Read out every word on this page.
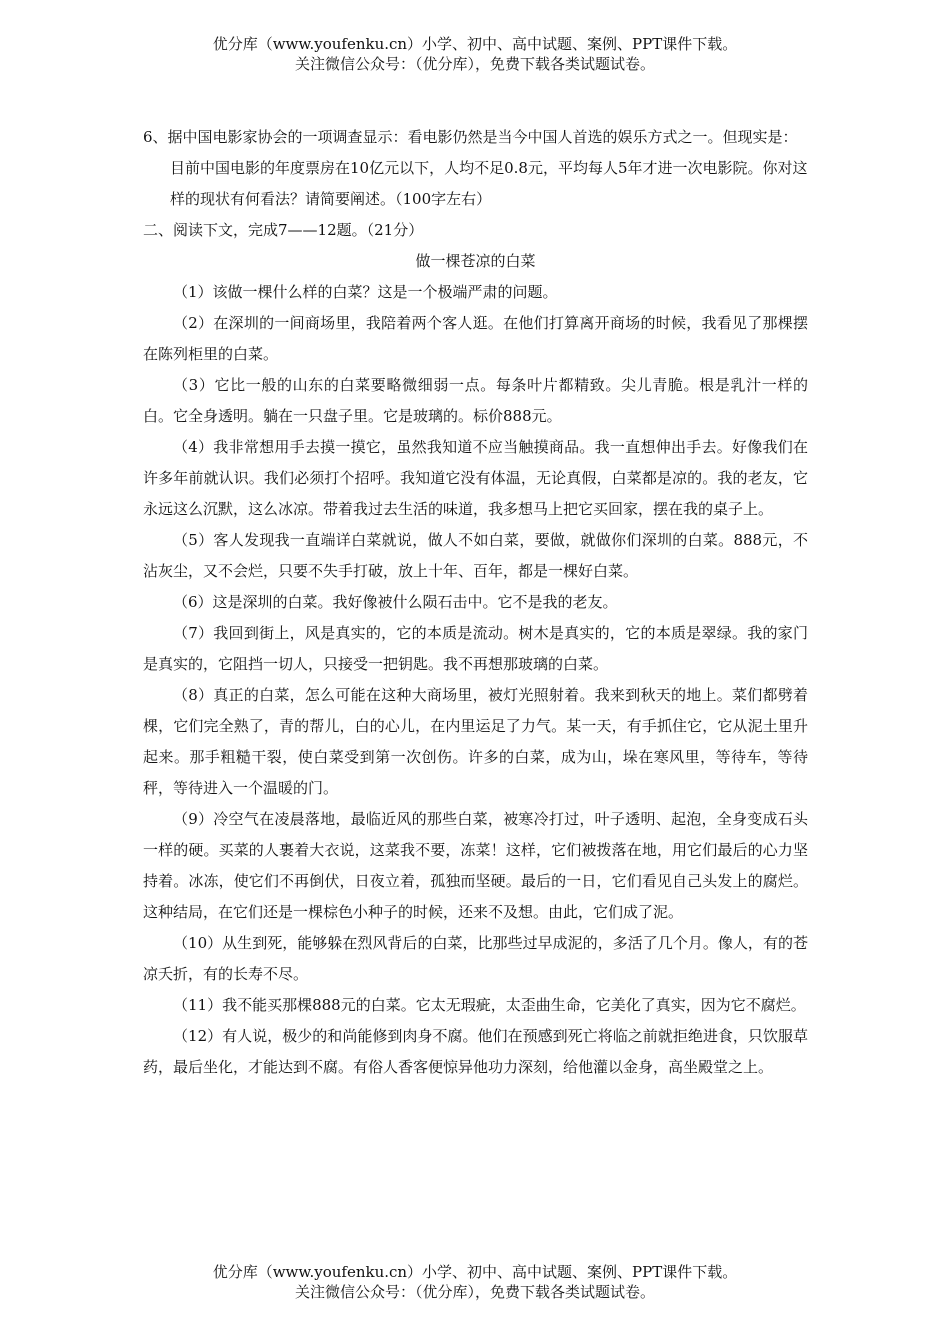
优分库（www.youfenku.cn）小学、初中、高中试题、案例、PPT课件下载。
关注微信公众号：（优分库），免费下载各类试题试卷。

6、据中国电影家协会的一项调查显示：看电影仍然是当今中国人首选的娱乐方式之一。但现实是：目前中国电影的年度票房在10亿元以下，人均不足0.8元，平均每人5年才进一次电影院。你对这样的现状有何看法？请简要阐述。（100字左右）

二、阅读下文，完成7——12题。（21分）

做一棵苍凉的白菜

（1）该做一棵什么样的白菜？这是一个极端严肃的问题。

（2）在深圳的一间商场里，我陪着两个客人逛。在他们打算离开商场的时候，我看见了那棵摆在陈列柜里的白菜。

（3）它比一般的山东的白菜要略微细弱一点。每条叶片都精致。尖儿青脆。根是乳汁一样的白。它全身透明。躺在一只盘子里。它是玻璃的。标价888元。

（4）我非常想用手去摸一摸它，虽然我知道不应当触摸商品。我一直想伸出手去。好像我们在许多年前就认识。我们必须打个招呼。我知道它没有体温，无论真假，白菜都是凉的。我的老友，它永远这么沉默，这么冰凉。带着我过去生活的味道，我多想马上把它买回家，摆在我的桌子上。

（5）客人发现我一直端详白菜就说，做人不如白菜，要做，就做你们深圳的白菜。888元，不沾灰尘，又不会烂，只要不失手打破，放上十年、百年，都是一棵好白菜。

（6）这是深圳的白菜。我好像被什么陨石击中。它不是我的老友。

（7）我回到街上，风是真实的，它的本质是流动。树木是真实的，它的本质是翠绿。我的家门是真实的，它阻挡一切人，只接受一把钥匙。我不再想那玻璃的白菜。

（8）真正的白菜，怎么可能在这种大商场里，被灯光照射着。我来到秋天的地上。菜们都劈着棵，它们完全熟了，青的帮儿，白的心儿，在内里运足了力气。某一天，有手抓住它，它从泥土里升起来。那手粗糙干裂，使白菜受到第一次创伤。许多的白菜，成为山，垛在寒风里，等待车，等待秤，等待进入一个温暖的门。

（9）冷空气在凌晨落地，最临近风的那些白菜，被寒冷打过，叶子透明、起泡，全身变成石头一样的硬。买菜的人裹着大衣说，这菜我不要，冻菜！这样，它们被拨落在地，用它们最后的心力坚持着。冰冻，使它们不再倒伏，日夜立着，孤独而坚硬。最后的一日，它们看见自己头发上的腐烂。这种结局，在它们还是一棵棕色小种子的时候，还来不及想。由此，它们成了泥。

（10）从生到死，能够躲在烈风背后的白菜，比那些过早成泥的，多活了几个月。像人，有的苍凉夭折，有的长寿不尽。

（11）我不能买那棵888元的白菜。它太无瑕疵，太歪曲生命，它美化了真实，因为它不腐烂。

（12）有人说，极少的和尚能修到肉身不腐。他们在预感到死亡将临之前就拒绝进食，只饮服草药，最后坐化，才能达到不腐。有俗人香客便惊异他功力深刻，给他灌以金身，高坐殿堂之上。

优分库（www.youfenku.cn）小学、初中、高中试题、案例、PPT课件下载。
关注微信公众号：（优分库），免费下载各类试题试卷。
